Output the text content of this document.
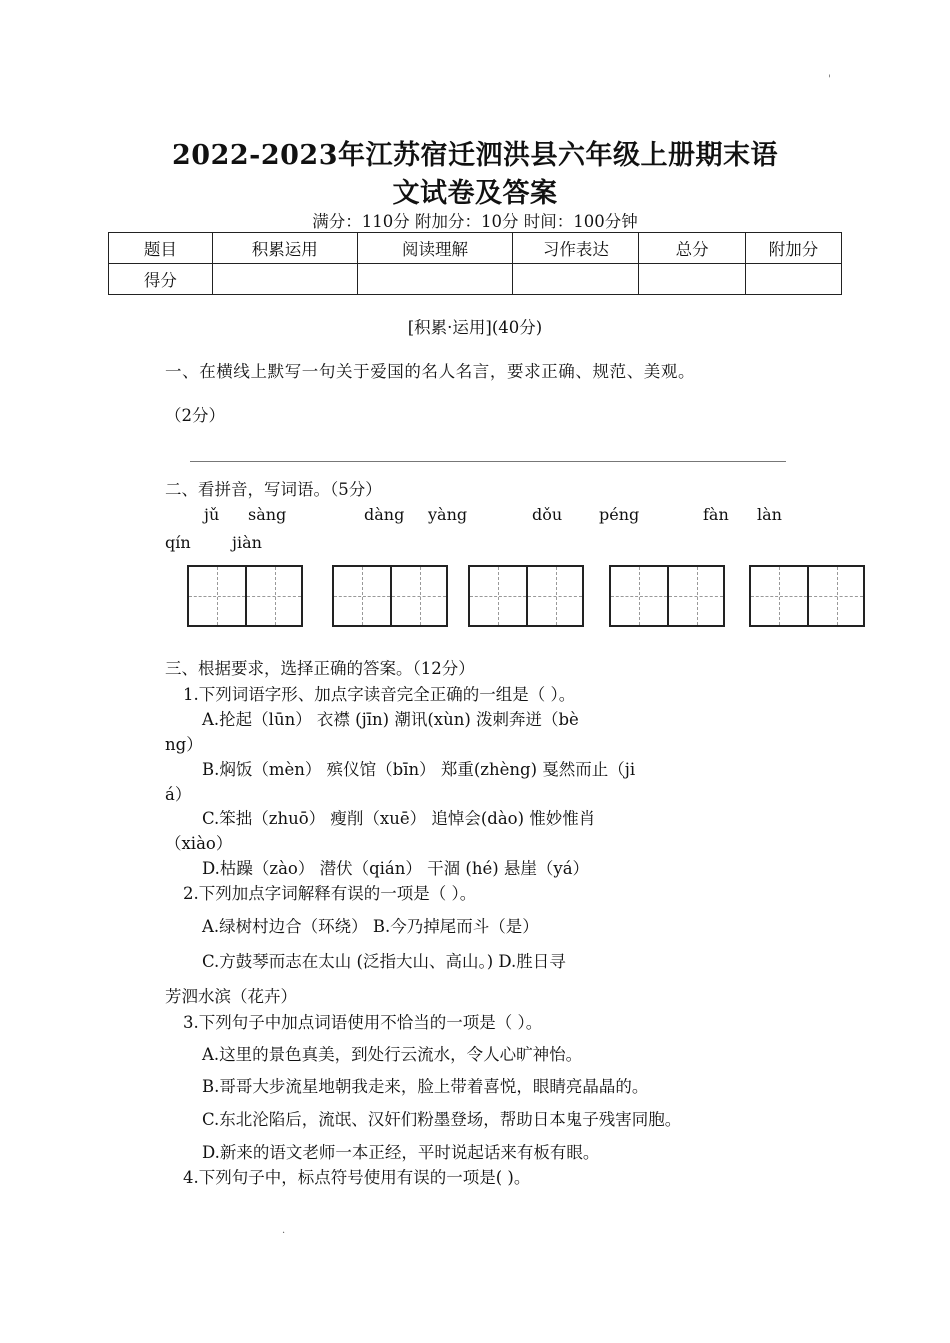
'
·
2022-2023年江苏宿迁泗洪县六年级上册期末语
文试卷及答案
满分：110分 附加分：10分 时间：100分钟
题目	积累运用	阅读理解	习作表达	总分	附加分
得分					
[积累·运用](40分)
一、在横线上默写一句关于爱国的名人名言，要求正确、规范、美观。
（2分）
二、看拼音，写词语。（5分）
jǔ sàng	dàng yàng	dǒu péng	fàn làn
qín	jiàn
三、根据要求，选择正确的答案。（12分）
1.下列词语字形、加点字读音完全正确的一组是（ ）。
A.抡起（lūn） 衣襟 (jīn) 潮讯(xùn) 泼刺奔迸（bè
ng）
B.焖饭（mèn） 殡仪馆（bīn） 郑重(zhèng) 戛然而止（ji
á）
C.笨拙（zhuō） 瘦削（xuē） 追悼会(dào) 惟妙惟肖
（xiào）
D.枯躁（zào） 潜伏（qián） 干涸 (hé) 悬崖（yá）
2.下列加点字词解释有误的一项是（ ）。
A.绿树村边合（环绕） B.今乃掉尾而斗（是）
C.方鼓琴而志在太山 (泛指大山、高山。) D.胜日寻
芳泗水滨（花卉）
3.下列句子中加点词语使用不恰当的一项是（ ）。
A.这里的景色真美，到处行云流水，令人心旷神怡。
B.哥哥大步流星地朝我走来，脸上带着喜悦，眼睛亮晶晶的。
C.东北沦陷后，流氓、汉奸们粉墨登场，帮助日本鬼子残害同胞。
D.新来的语文老师一本正经，平时说起话来有板有眼。
4.下列句子中，标点符号使用有误的一项是( )。
